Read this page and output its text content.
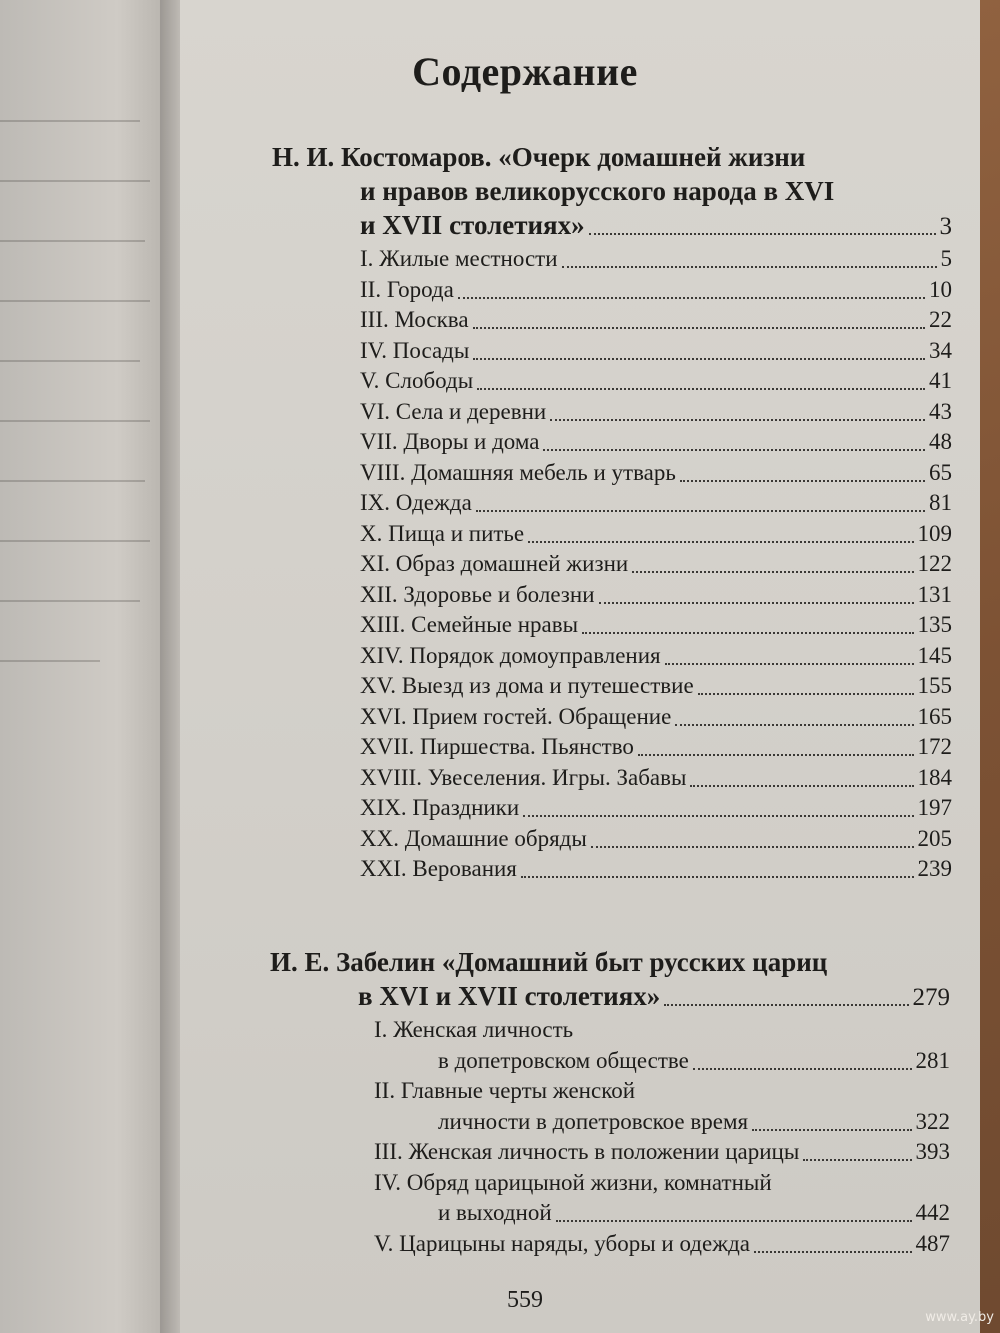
Содержание

Н. И. Костомаров. «Очерк домашней жизни
и нравов великорусского народа в XVI

и XVII столетиях»	3
I. Жилые местности	5
II. Города	10
III. Москва	22
IV. Посады	34
V. Слободы	41
VI. Села и деревни	43
VII. Дворы и дома	48
VIII. Домашняя мебель и утварь	65
IX. Одежда	81
X. Пища и питье	109
XI. Образ домашней жизни	122
XII. Здоровье и болезни	131
XIII. Семейные нравы	135
XIV. Порядок домоуправления	145
XV. Выезд из дома и путешествие	155
XVI. Прием гостей. Обращение	165
XVII. Пиршества. Пьянство	172
XVIII. Увеселения. Игры. Забавы	184
XIX. Праздники	197
XX. Домашние обряды	205
XXI. Верования	239

И. Е. Забелин «Домашний быт русских цариц

в XVI и XVII столетиях»	279
I. Женская личность
в допетровском обществе	281
II. Главные черты женской
личности в допетровское время	322
III. Женская личность в положении царицы	393
IV. Обряд царицыной жизни, комнатный
и выходной	442
V. Царицыны наряды, уборы и одежда	487
559
www.ay.by
